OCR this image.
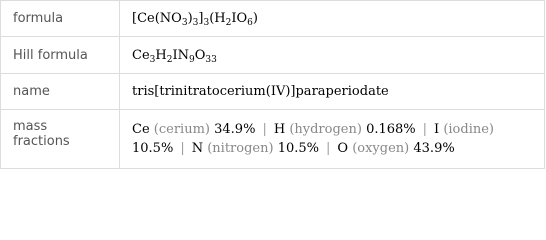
formula	$[Ce(NO_3)_3]_3(H_2IO_6)$
Hill formula	$Ce_3H_2IN_9O_{33}$
name	tris[trinitratocerium(IV)]paraperiodate
mass fractions	Ce (cerium) 34.9% | H (hydrogen) 0.168% | I (iodine)
10.5% | N (nitrogen) 10.5% | O (oxygen) 43.9%
